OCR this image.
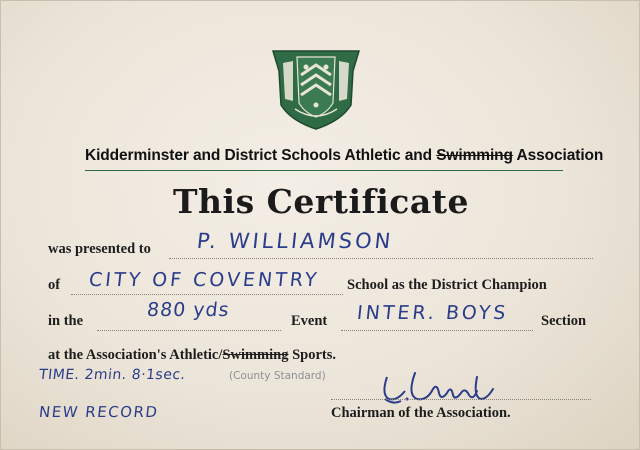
Kidderminster and District Schools Athletic and Swimming Association
This Certificate
was presented to P. WILLIAMSON
of CITY OF COVENTRY School as the District Champion
in the	880 yds	Event INTER. BOYS Section
at the Association's Athletic/Swimming Sports.
TIME. 2min. 8·1sec.	(County Standard)
NEW RECORD	Chairman of the Association.
